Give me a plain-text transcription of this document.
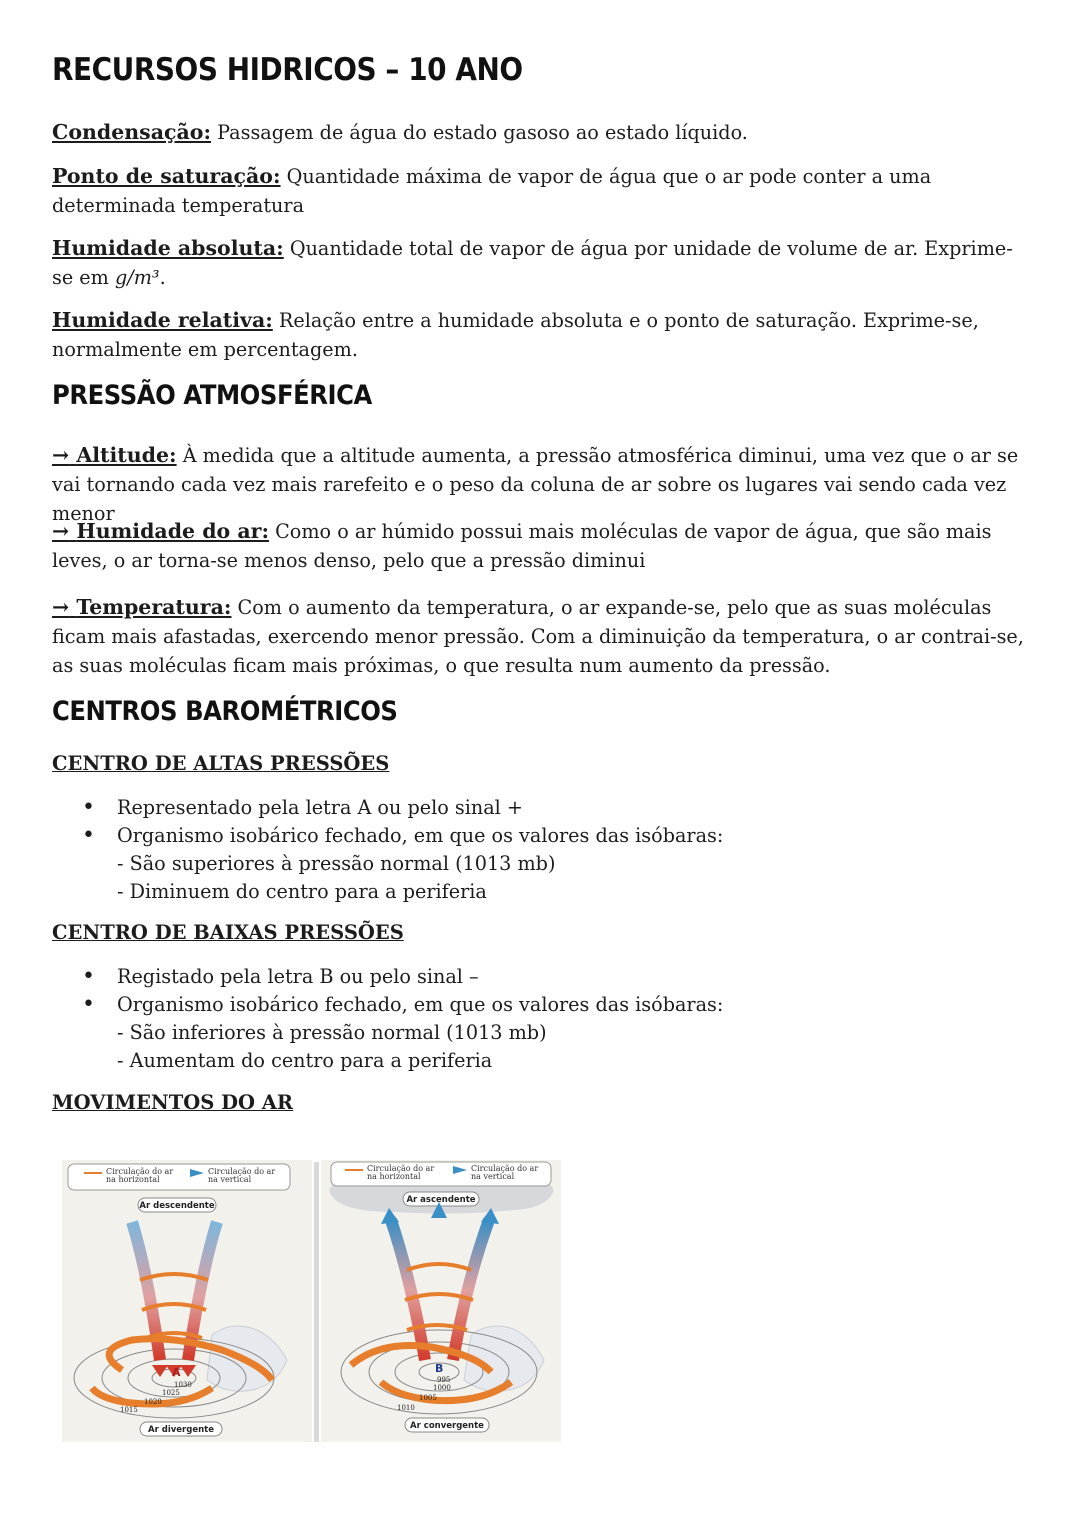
RECURSOS HIDRICOS – 10 ANO
Condensação: Passagem de água do estado gasoso ao estado líquido.
Ponto de saturação: Quantidade máxima de vapor de água que o ar pode conter a uma determinada temperatura
Humidade absoluta: Quantidade total de vapor de água por unidade de volume de ar. Exprime-se em g/m³.
Humidade relativa: Relação entre a humidade absoluta e o ponto de saturação. Exprime-se, normalmente em percentagem.
PRESSÃO ATMOSFÉRICA
→ Altitude: À medida que a altitude aumenta, a pressão atmosférica diminui, uma vez que o ar se vai tornando cada vez mais rarefeito e o peso da coluna de ar sobre os lugares vai sendo cada vez menor
→ Humidade do ar: Como o ar húmido possui mais moléculas de vapor de água, que são mais leves, o ar torna-se menos denso, pelo que a pressão diminui
→ Temperatura: Com o aumento da temperatura, o ar expande-se, pelo que as suas moléculas ficam mais afastadas, exercendo menor pressão. Com a diminuição da temperatura, o ar contrai-se, as suas moléculas ficam mais próximas, o que resulta num aumento da pressão.
CENTROS BAROMÉTRICOS
CENTRO DE ALTAS PRESSÕES
• Representado pela letra A ou pelo sinal +
• Organismo isobárico fechado, em que os valores das isóbaras:
- São superiores à pressão normal (1013 mb)
- Diminuem do centro para a periferia
CENTRO DE BAIXAS PRESSÕES
• Registado pela letra B ou pelo sinal –
• Organismo isobárico fechado, em que os valores das isóbaras:
- São inferiores à pressão normal (1013 mb)
- Aumentam do centro para a periferia
MOVIMENTOS DO AR
Circulação do ar
na horizontal
Circulação do ar
na vertical
Ar descendente
A
1030
1025
1020
1015
Ar divergente
Circulação do ar
na horizontal
Circulação do ar
na vertical
Ar ascendente
B
995
1000
1005
1010
Ar convergente
